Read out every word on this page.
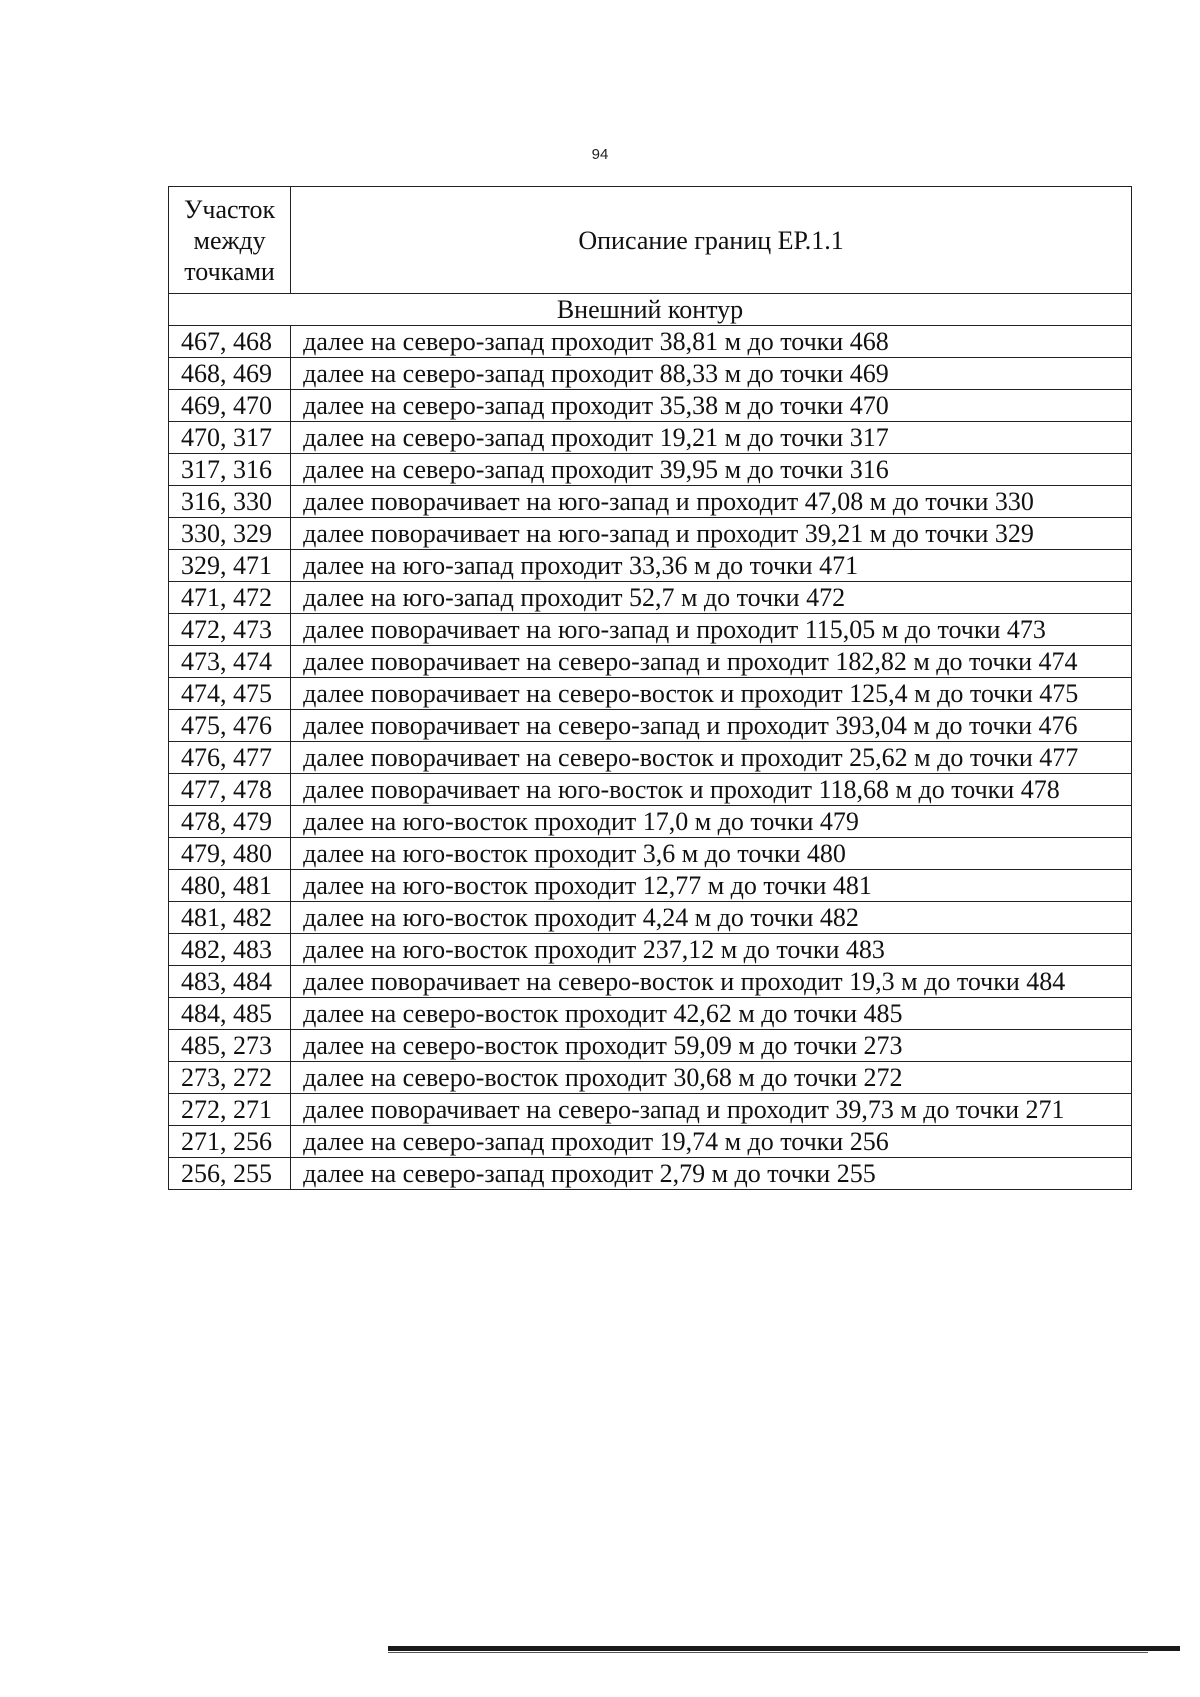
94
Участок между точками	Описание границ ЕР.1.1
Внешний контур	
467, 468	далее на северо-запад проходит 38,81 м до точки 468
468, 469	далее на северо-запад проходит 88,33 м до точки 469
469, 470	далее на северо-запад проходит 35,38 м до точки 470
470, 317	далее на северо-запад проходит 19,21 м до точки 317
317, 316	далее на северо-запад проходит 39,95 м до точки 316
316, 330	далее поворачивает на юго-запад и проходит 47,08 м до точки 330
330, 329	далее поворачивает на юго-запад и проходит 39,21 м до точки 329
329, 471	далее на юго-запад проходит 33,36 м до точки 471
471, 472	далее на юго-запад проходит 52,7 м до точки 472
472, 473	далее поворачивает на юго-запад и проходит 115,05 м до точки 473
473, 474	далее поворачивает на северо-запад и проходит 182,82 м до точки 474
474, 475	далее поворачивает на северо-восток и проходит 125,4 м до точки 475
475, 476	далее поворачивает на северо-запад и проходит 393,04 м до точки 476
476, 477	далее поворачивает на северо-восток и проходит 25,62 м до точки 477
477, 478	далее поворачивает на юго-восток и проходит 118,68 м до точки 478
478, 479	далее на юго-восток проходит 17,0 м до точки 479
479, 480	далее на юго-восток проходит 3,6 м до точки 480
480, 481	далее на юго-восток проходит 12,77 м до точки 481
481, 482	далее на юго-восток проходит 4,24 м до точки 482
482, 483	далее на юго-восток проходит 237,12 м до точки 483
483, 484	далее поворачивает на северо-восток и проходит 19,3 м до точки 484
484, 485	далее на северо-восток проходит 42,62 м до точки 485
485, 273	далее на северо-восток проходит 59,09 м до точки 273
273, 272	далее на северо-восток проходит 30,68 м до точки 272
272, 271	далее поворачивает на северо-запад и проходит 39,73 м до точки 271
271, 256	далее на северо-запад проходит 19,74 м до точки 256
256, 255	далее на северо-запад проходит 2,79 м до точки 255
